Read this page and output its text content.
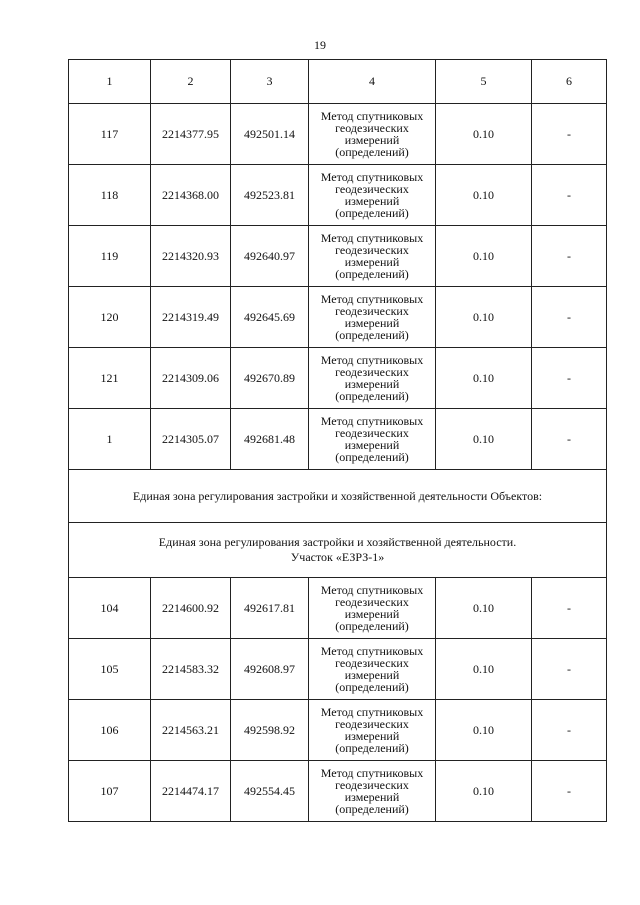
19
1	2	3	4	5	6
117	2214377.95	492501.14	Метод спутниковых
геодезических
измерений
(определений)	0.10	-
118	2214368.00	492523.81	Метод спутниковых
геодезических
измерений
(определений)	0.10	-
119	2214320.93	492640.97	Метод спутниковых
геодезических
измерений
(определений)	0.10	-
120	2214319.49	492645.69	Метод спутниковых
геодезических
измерений
(определений)	0.10	-
121	2214309.06	492670.89	Метод спутниковых
геодезических
измерений
(определений)	0.10	-
1	2214305.07	492681.48	Метод спутниковых
геодезических
измерений
(определений)	0.10	-
Единая зона регулирования застройки и хозяйственной деятельности Объектов:					

Единая зона регулирования застройки и хозяйственной деятельности.
Участок «ЕЗРЗ-1»					

104	2214600.92	492617.81	Метод спутниковых
геодезических
измерений
(определений)	0.10	-
105	2214583.32	492608.97	Метод спутниковых
геодезических
измерений
(определений)	0.10	-
106	2214563.21	492598.92	Метод спутниковых
геодезических
измерений
(определений)	0.10	-
107	2214474.17	492554.45	Метод спутниковых
геодезических
измерений
(определений)	0.10	-
